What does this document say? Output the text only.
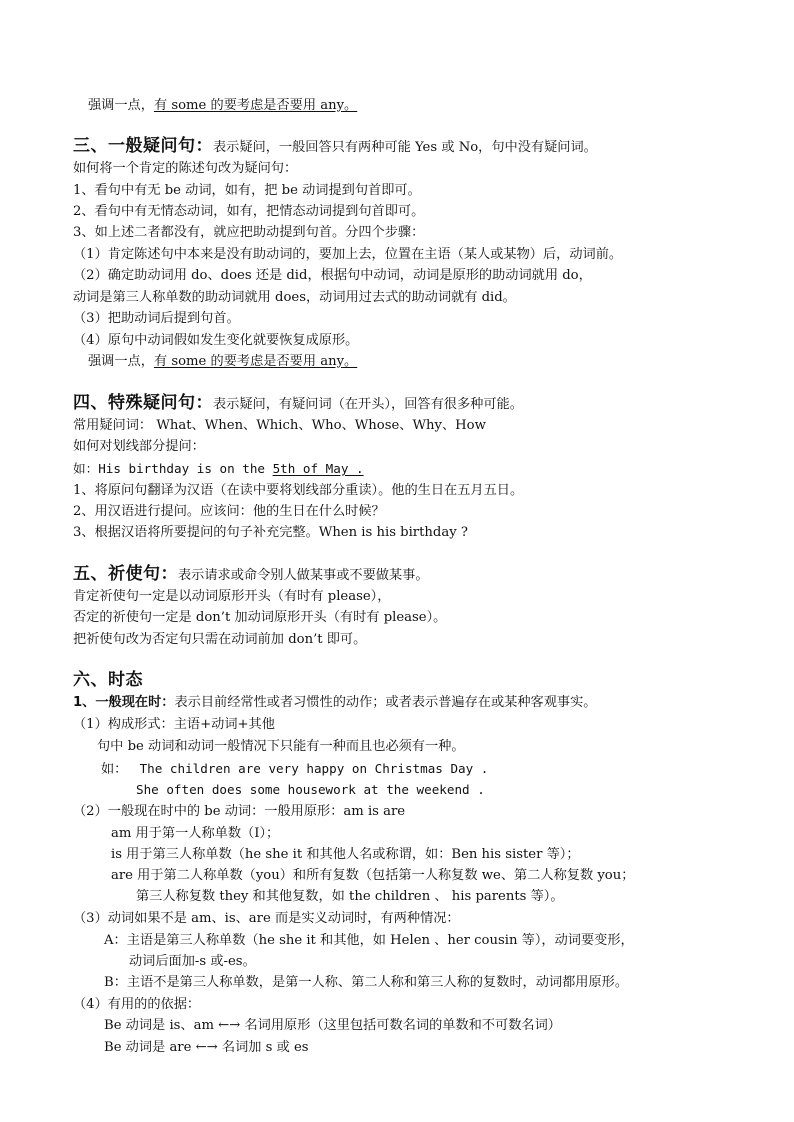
强调一点，有 some 的要考虑是否要用 any。
三、一般疑问句：表示疑问，一般回答只有两种可能 Yes 或 No，句中没有疑问词。
如何将一个肯定的陈述句改为疑问句：
1、看句中有无 be 动词，如有，把 be 动词提到句首即可。
2、看句中有无情态动词，如有，把情态动词提到句首即可。
3、如上述二者都没有，就应把助动提到句首。分四个步骤：
（1）肯定陈述句中本来是没有助动词的，要加上去，位置在主语（某人或某物）后，动词前。
（2）确定助动词用 do、does 还是 did，根据句中动词，动词是原形的助动词就用 do，
动词是第三人称单数的助动词就用 does，动词用过去式的助动词就有 did。
（3）把助动词后提到句首。
（4）原句中动词假如发生变化就要恢复成原形。
强调一点，有 some 的要考虑是否要用 any。
四、特殊疑问句：表示疑问，有疑问词（在开头），回答有很多种可能。
常用疑问词： What、When、Which、Who、Whose、Why、How
如何对划线部分提问：
如：His birthday is on the 5th of May .
1、将原问句翻译为汉语（在读中要将划线部分重读）。他的生日在五月五日。
2、用汉语进行提问。应该问：他的生日在什么时候？
3、根据汉语将所要提问的句子补充完整。When is his birthday ?
五、祈使句：表示请求或命令别人做某事或不要做某事。
肯定祈使句一定是以动词原形开头（有时有 please），
否定的祈使句一定是 don’t 加动词原形开头（有时有 please）。
把祈使句改为否定句只需在动词前加 don’t 即可。
六、时态
1、一般现在时：表示目前经常性或者习惯性的动作；或者表示普遍存在或某种客观事实。
（1）构成形式：主语+动词+其他
句中 be 动词和动词一般情况下只能有一种而且也必须有一种。
如： The children are very happy on Christmas Day .
She often does some housework at the weekend .
（2）一般现在时中的 be 动词：一般用原形：am is are
am 用于第一人称单数（I）；
is 用于第三人称单数（he she it 和其他人名或称谓，如：Ben his sister 等）；
are 用于第二人称单数（you）和所有复数（包括第一人称复数 we、第二人称复数 you；
第三人称复数 they 和其他复数，如 the children 、 his parents 等）。
（3）动词如果不是 am、is、are 而是实义动词时，有两种情况：
A：主语是第三人称单数（he she it 和其他，如 Helen 、her cousin 等），动词要变形，
动词后面加-s 或-es。
B：主语不是第三人称单数，是第一人称、第二人称和第三人称的复数时，动词都用原形。
（4）有用的的依据：
Be 动词是 is、am ←→ 名词用原形（这里包括可数名词的单数和不可数名词）
Be 动词是 are ←→ 名词加 s 或 es
